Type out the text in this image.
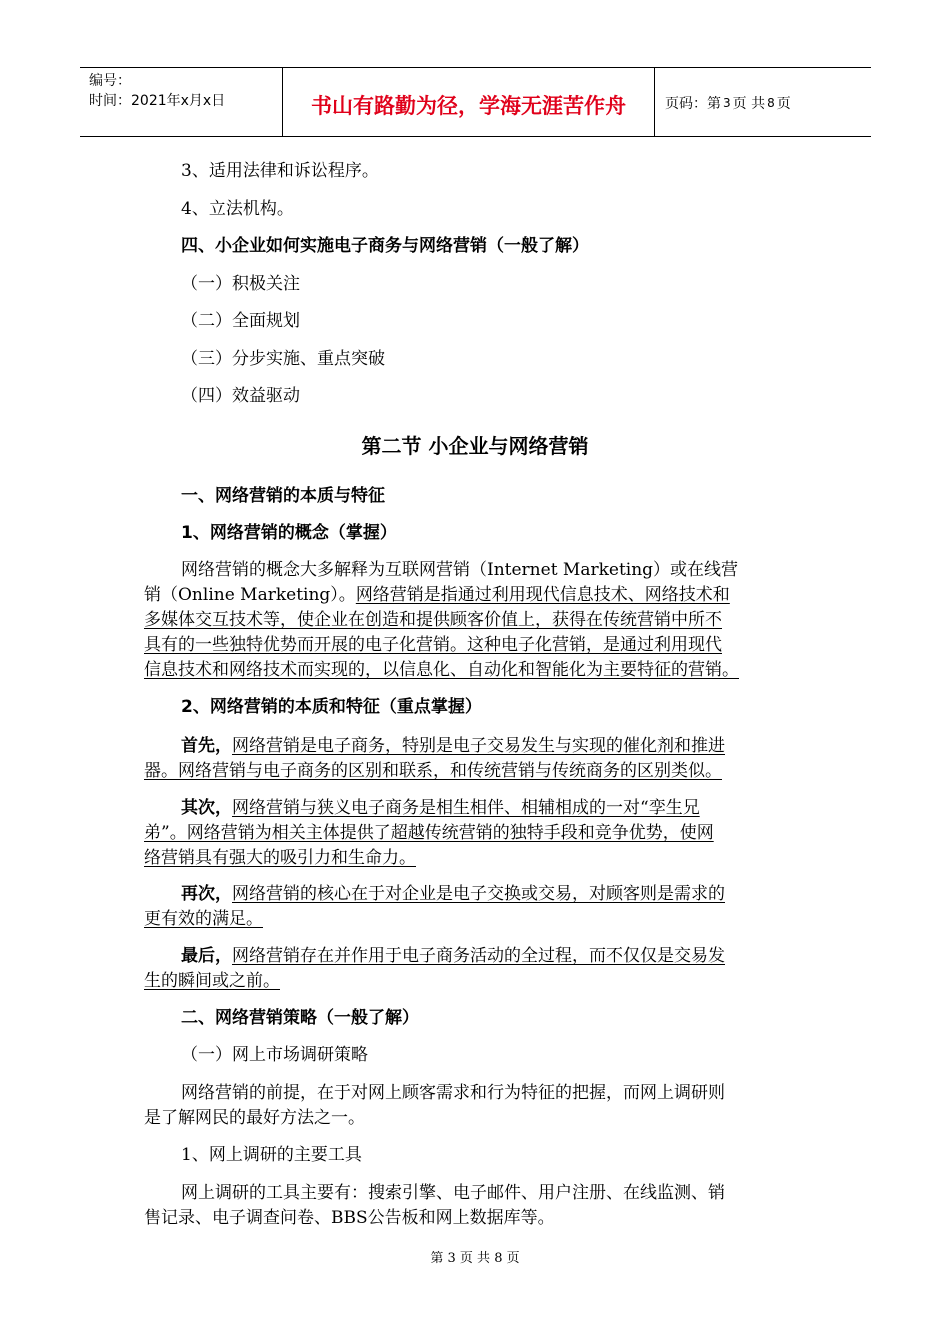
编号：
时间：2021年x月x日	书山有路勤为径，学海无涯苦作舟	页码：第 3 页 共 8 页
3、适用法律和诉讼程序。
4、立法机构。
四、小企业如何实施电子商务与网络营销（一般了解）
（一）积极关注
（二）全面规划
（三）分步实施、重点突破
（四）效益驱动
第二节 小企业与网络营销
一、网络营销的本质与特征
1、网络营销的概念（掌握）
网络营销的概念大多解释为互联网营销（Internet Marketing）或在线营
销（Online Marketing）。网络营销是指通过利用现代信息技术、网络技术和
多媒体交互技术等，使企业在创造和提供顾客价值上，获得在传统营销中所不
具有的一些独特优势而开展的电子化营销。这种电子化营销，是通过利用现代
信息技术和网络技术而实现的，以信息化、自动化和智能化为主要特征的营销。
2、网络营销的本质和特征（重点掌握）
首先，网络营销是电子商务，特别是电子交易发生与实现的催化剂和推进
器。网络营销与电子商务的区别和联系，和传统营销与传统商务的区别类似。
其次，网络营销与狭义电子商务是相生相伴、相辅相成的一对“孪生兄
弟”。网络营销为相关主体提供了超越传统营销的独特手段和竞争优势，使网
络营销具有强大的吸引力和生命力。
再次，网络营销的核心在于对企业是电子交换或交易，对顾客则是需求的
更有效的满足。
最后，网络营销存在并作用于电子商务活动的全过程，而不仅仅是交易发
生的瞬间或之前。
二、网络营销策略（一般了解）
（一）网上市场调研策略
网络营销的前提，在于对网上顾客需求和行为特征的把握，而网上调研则
是了解网民的最好方法之一。
1、网上调研的主要工具
网上调研的工具主要有：搜索引擎、电子邮件、用户注册、在线监测、销
售记录、电子调查问卷、BBS公告板和网上数据库等。
第 3 页 共 8 页
